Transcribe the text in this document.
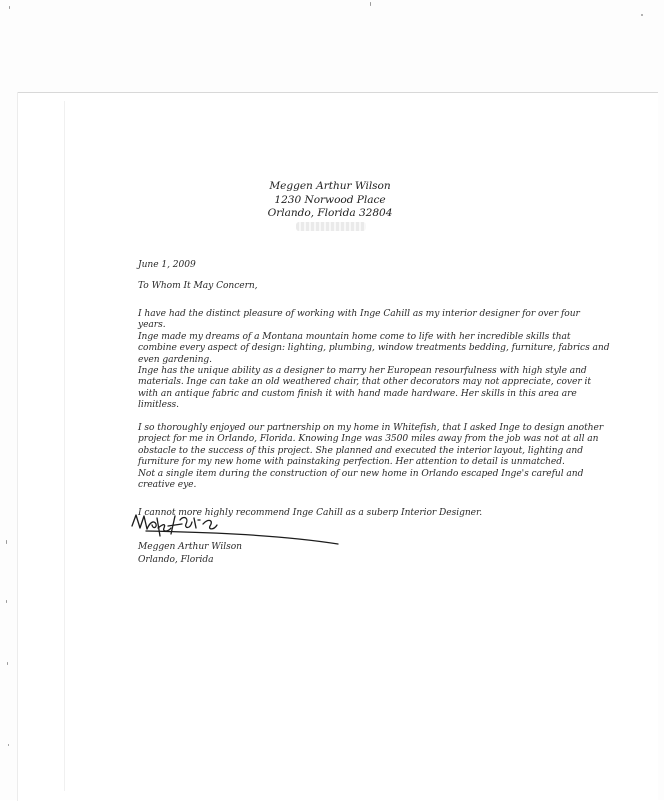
Meggen Arthur Wilson
1230 Norwood Place
Orlando, Florida 32804
June 1, 2009
To Whom It May Concern,
I have had the distinct pleasure of working with Inge Cahill as my interior designer for over four
years.
Inge made my dreams of a Montana mountain home come to life with her incredible skills that
combine every aspect of design: lighting, plumbing, window treatments bedding, furniture, fabrics and
even gardening.
Inge has the unique ability as a designer to marry her European resourfulness with high style and
materials. Inge can take an old weathered chair, that other decorators may not appreciate, cover it
with an antique fabric and custom finish it with hand made hardware. Her skills in this area are
limitless.
I so thoroughly enjoyed our partnership on my home in Whitefish, that I asked Inge to design another
project for me in Orlando, Florida. Knowing Inge was 3500 miles away from the job was not at all an
obstacle to the success of this project. She planned and executed the interior layout, lighting and
furniture for my new home with painstaking perfection. Her attention to detail is unmatched.
Not a single item during the construction of our new home in Orlando escaped Inge's careful and
creative eye.
I cannot more highly recommend Inge Cahill as a suberp Interior Designer.
Meggen Arthur Wilson
Orlando, Florida
